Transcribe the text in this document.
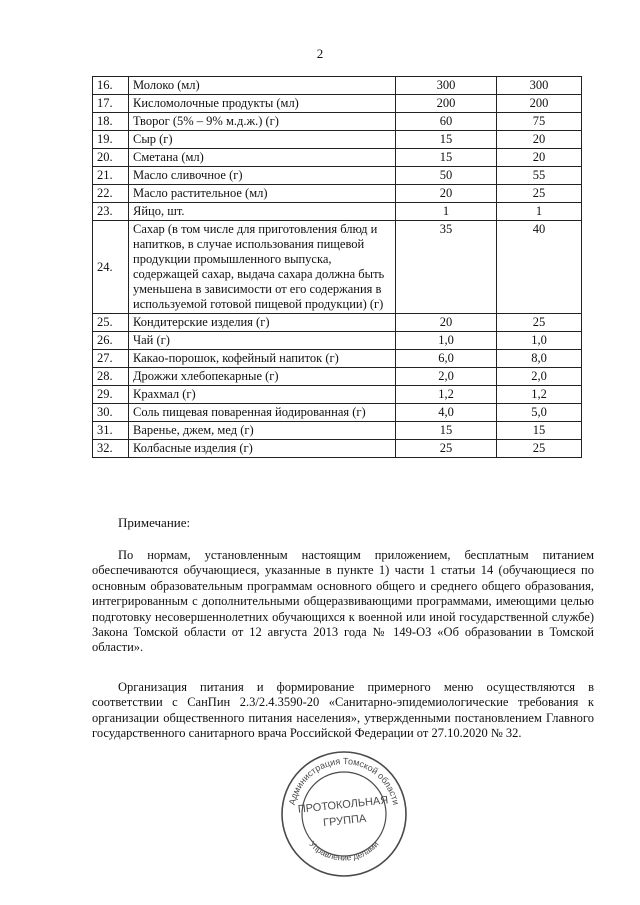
2
16.	Молоко (мл)	300	300
17.	Кисломолочные продукты (мл)	200	200
18.	Творог (5% – 9% м.д.ж.) (г)	60	75
19.	Сыр (г)	15	20
20.	Сметана (мл)	15	20
21.	Масло сливочное (г)	50	55
22.	Масло растительное (мл)	20	25
23.	Яйцо, шт.	1	1
24.	Сахар (в том числе для приготовления блюд и напитков, в случае использования пищевой продукции промышленного выпуска, содержащей сахар, выдача сахара должна быть уменьшена в зависимости от его содержания в используемой готовой пищевой продукции) (г)	35	40
25.	Кондитерские изделия (г)	20	25
26.	Чай (г)	1,0	1,0
27.	Какао-порошок, кофейный напиток (г)	6,0	8,0
28.	Дрожжи хлебопекарные (г)	2,0	2,0
29.	Крахмал (г)	1,2	1,2
30.	Соль пищевая поваренная йодированная (г)	4,0	5,0
31.	Варенье, джем, мед (г)	15	15
32.	Колбасные изделия (г)	25	25
Примечание:

По нормам, установленным настоящим приложением, бесплатным питанием обеспечиваются обучающиеся, указанные в пункте 1) части 1 статьи 14 (обучающиеся по основным образовательным программам основного общего и среднего общего образования, интегрированным с дополнительными общеразвивающими программами, имеющими целью подготовку несовершеннолетних обучающихся к военной или иной государственной службе) Закона Томской области от 12 августа 2013 года № 149-ОЗ «Об образовании в Томской области».

Организация питания и формирование примерного меню осуществляются в соответствии с СанПин 2.3/2.4.3590-20 «Санитарно-эпидемиологические требования к организации общественного питания населения», утвержденными постановлением Главного государственного санитарного врача Российской Федерации от 27.10.2020 № 32.

Администрация Томской области
Управление делами
ПРОТОКОЛЬНАЯ
ГРУППА
